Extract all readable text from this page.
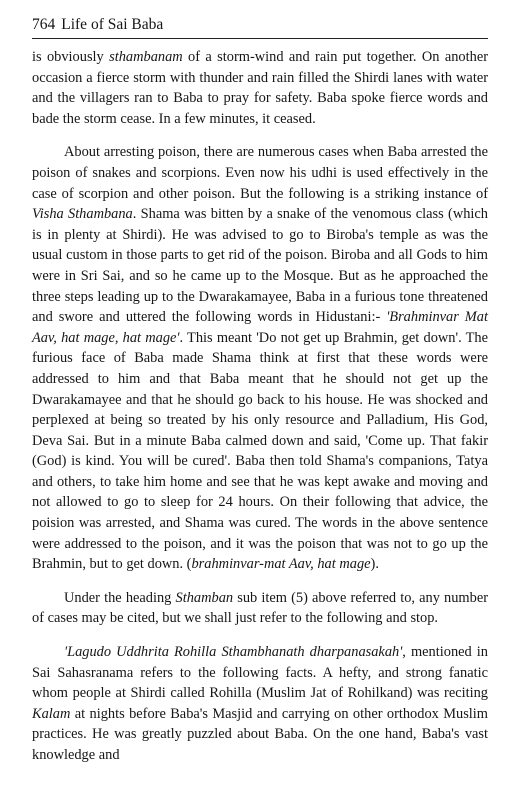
764 Life of Sai Baba

is obviously sthambanam of a storm-wind and rain put together. On another occasion a fierce storm with thunder and rain filled the Shirdi lanes with water and the villagers ran to Baba to pray for safety. Baba spoke fierce words and bade the storm cease. In a few minutes, it ceased.

About arresting poison, there are numerous cases when Baba arrested the poison of snakes and scorpions. Even now his udhi is used effectively in the case of scorpion and other poison. But the following is a striking instance of Visha Sthambana. Shama was bitten by a snake of the venomous class (which is in plenty at Shirdi). He was advised to go to Biroba's temple as was the usual custom in those parts to get rid of the poison. Biroba and all Gods to him were in Sri Sai, and so he came up to the Mosque. But as he approached the three steps leading up to the Dwarakamayee, Baba in a furious tone threatened and swore and uttered the following words in Hidustani:- 'Brahminvar Mat Aav, hat mage, hat mage'. This meant 'Do not get up Brahmin, get down'. The furious face of Baba made Shama think at first that these words were addressed to him and that Baba meant that he should not get up the Dwarakamayee and that he should go back to his house. He was shocked and perplexed at being so treated by his only resource and Palladium, His God, Deva Sai. But in a minute Baba calmed down and said, 'Come up. That fakir (God) is kind. You will be cured'. Baba then told Shama's companions, Tatya and others, to take him home and see that he was kept awake and moving and not allowed to go to sleep for 24 hours. On their following that advice, the poision was arrested, and Shama was cured. The words in the above sentence were addressed to the poison, and it was the poison that was not to go up the Brahmin, but to get down. (brahminvar-mat Aav, hat mage).

Under the heading Sthamban sub item (5) above referred to, any number of cases may be cited, but we shall just refer to the following and stop.

'Lagudo Uddhrita Rohilla Sthambhanath dharpanasakah', mentioned in Sai Sahasranama refers to the following facts. A hefty, and strong fanatic whom people at Shirdi called Rohilla (Muslim Jat of Rohilkand) was reciting Kalam at nights before Baba's Masjid and carrying on other orthodox Muslim practices. He was greatly puzzled about Baba. On the one hand, Baba's vast knowledge and
